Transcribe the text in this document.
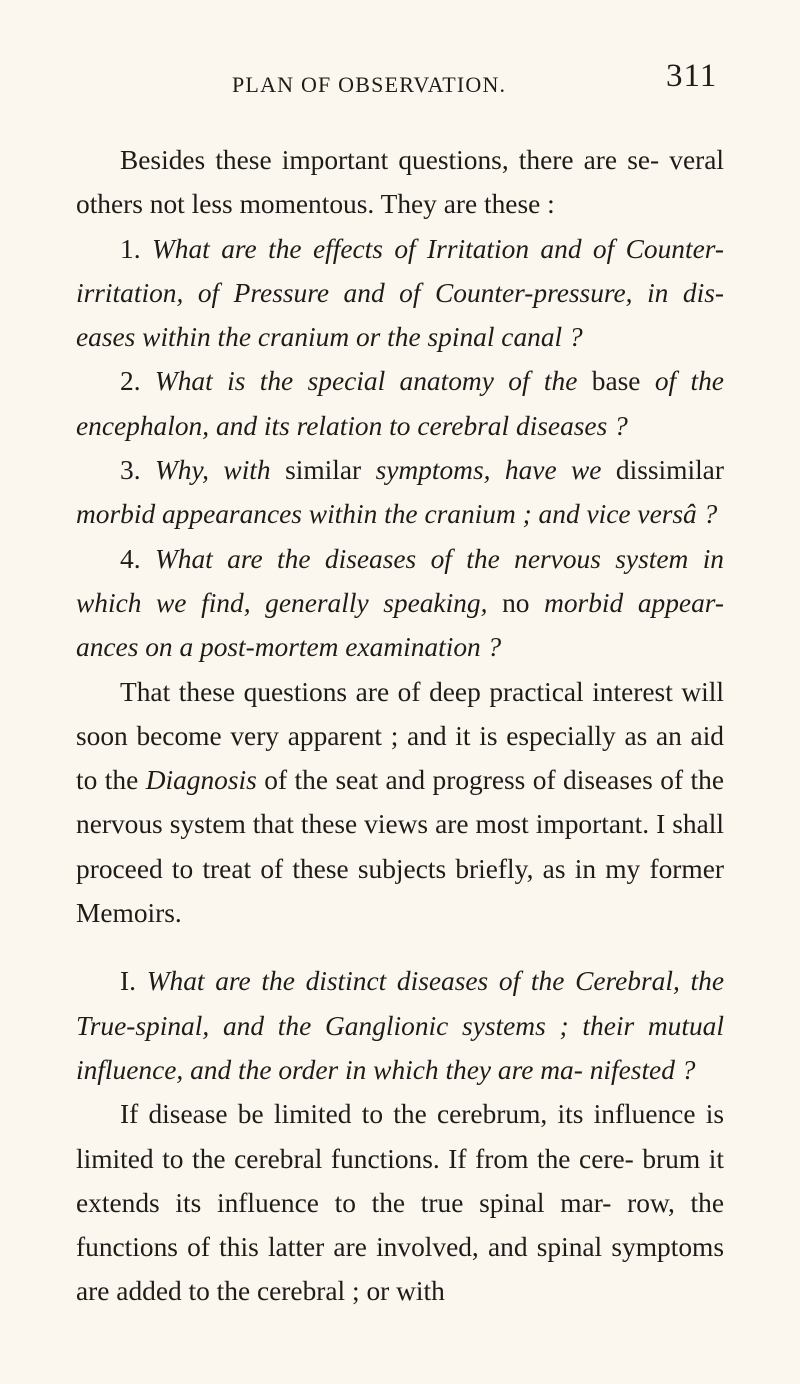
PLAN OF OBSERVATION.	311

Besides these important questions, there are se- veral others not less momentous. They are these :

1. What are the effects of Irritation and of Counter- irritation, of Pressure and of Counter-pressure, in dis- eases within the cranium or the spinal canal ?

2. What is the special anatomy of the base of the encephalon, and its relation to cerebral diseases ?

3. Why, with similar symptoms, have we dissimilar morbid appearances within the cranium ; and vice versâ ?

4. What are the diseases of the nervous system in which we find, generally speaking, no morbid appear- ances on a post-mortem examination ?

That these questions are of deep practical interest will soon become very apparent ; and it is especially as an aid to the Diagnosis of the seat and progress of diseases of the nervous system that these views are most important. I shall proceed to treat of these subjects briefly, as in my former Memoirs.

I. What are the distinct diseases of the Cerebral, the True-spinal, and the Ganglionic systems ; their mutual influence, and the order in which they are ma- nifested ?

If disease be limited to the cerebrum, its influence is limited to the cerebral functions. If from the cere- brum it extends its influence to the true spinal mar- row, the functions of this latter are involved, and spinal symptoms are added to the cerebral ; or with
